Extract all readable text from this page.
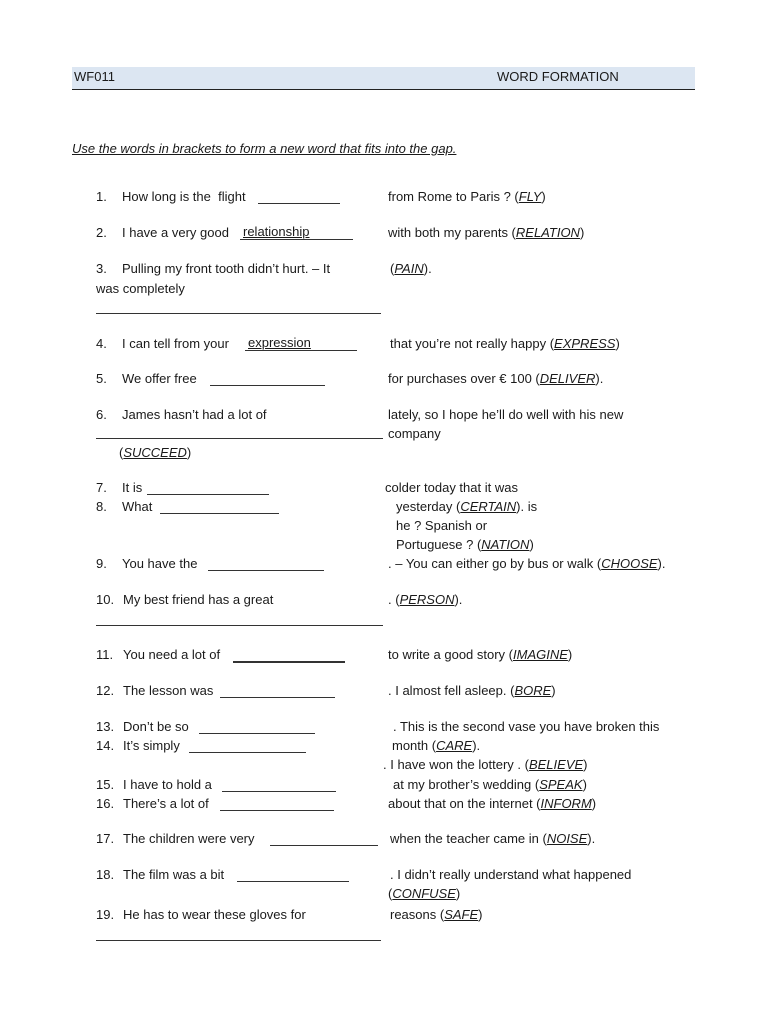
WF011	WORD FORMATION
Use the words in brackets to form a new word that fits into the gap.
1. How long is the  flight	from Rome to Paris ? (FLY)
2. I have a very good relationship	with both my parents (RELATION)
3. Pulling my front tooth didn’t hurt. – It
was completely
(PAIN).
4. I can tell from your expression	that you’re not really happy (EXPRESS)
5. We offer free	for purchases over € 100 (DELIVER).
6. James hasn’t had a lot of	lately, so I hope he’ll do well with his new
company
(SUCCEED)
7. It is	colder today that it was
8. What	yesterday (CERTAIN). is
he ? Spanish or
Portuguese ? (NATION)
9. You have the	. – You can either go by bus or walk (CHOOSE).
10. My best friend has a great	. (PERSON).
11. You need a lot of	to write a good story (IMAGINE)
12. The lesson was	. I almost fell asleep. (BORE)
13. Don’t be so	. This is the second vase you have broken this
month (CARE).
14. It’s simply
. I have won the lottery . (BELIEVE)
15. I have to hold a	at my brother’s wedding (SPEAK)
16. There’s a lot of	about that on the internet (INFORM)
17. The children were very	when the teacher came in (NOISE).
18. The film was a bit	. I didn’t really understand what happened
(CONFUSE)
19. He has to wear these gloves for	reasons (SAFE)
